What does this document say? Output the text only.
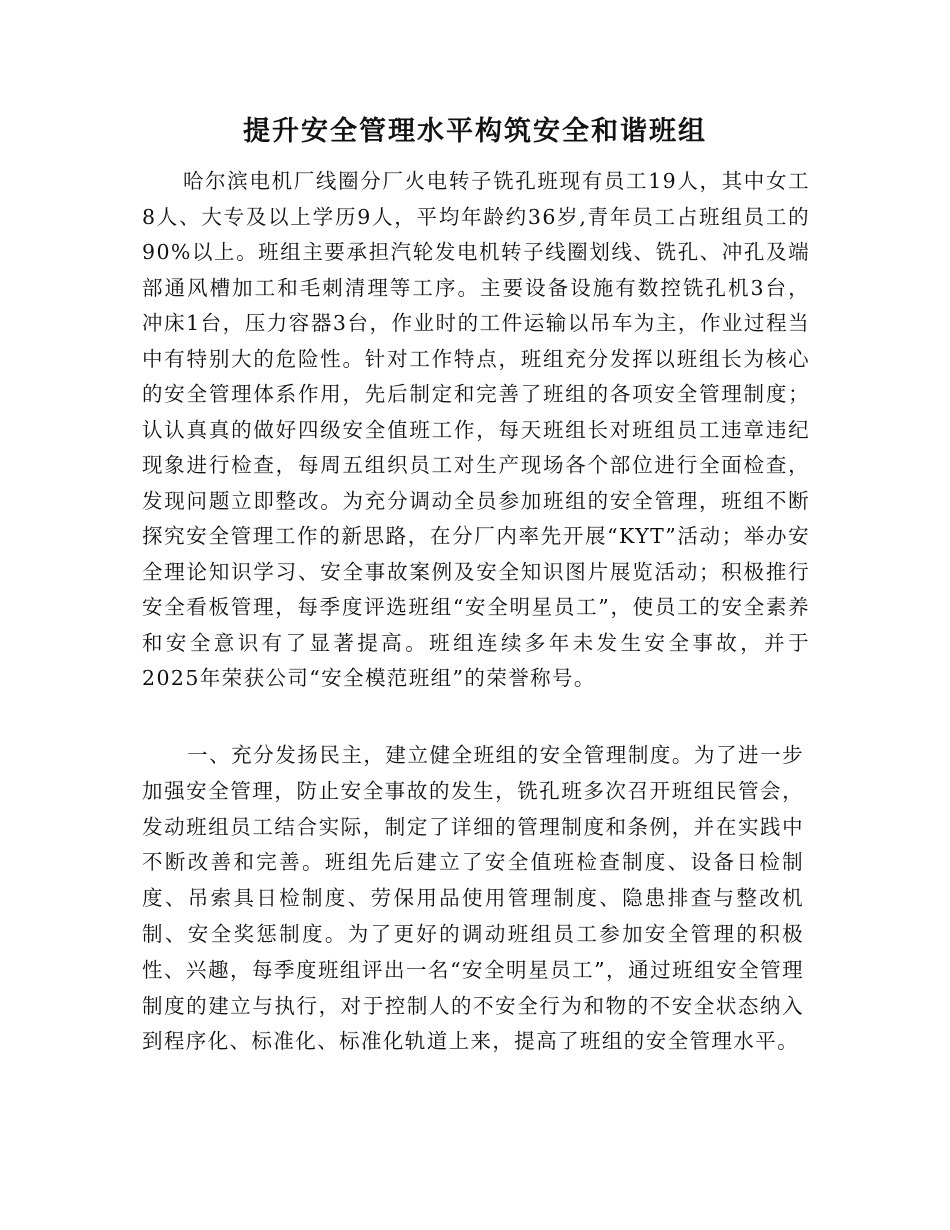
提升安全管理水平构筑安全和谐班组

哈尔滨电机厂线圈分厂火电转子铣孔班现有员工19人，其中女工8人、大专及以上学历9人，平均年龄约36岁,青年员工占班组员工的90%以上。班组主要承担汽轮发电机转子线圈划线、铣孔、冲孔及端部通风槽加工和毛刺清理等工序。主要设备设施有数控铣孔机3台，冲床1台，压力容器3台，作业时的工件运输以吊车为主，作业过程当中有特别大的危险性。针对工作特点，班组充分发挥以班组长为核心的安全管理体系作用，先后制定和完善了班组的各项安全管理制度；认认真真的做好四级安全值班工作，每天班组长对班组员工违章违纪现象进行检查，每周五组织员工对生产现场各个部位进行全面检查，发现问题立即整改。为充分调动全员参加班组的安全管理，班组不断探究安全管理工作的新思路，在分厂内率先开展“KYT”活动；举办安全理论知识学习、安全事故案例及安全知识图片展览活动；积极推行安全看板管理，每季度评选班组“安全明星员工”，使员工的安全素养和安全意识有了显著提高。班组连续多年未发生安全事故，并于2025年荣获公司“安全模范班组”的荣誉称号。

一、充分发扬民主，建立健全班组的安全管理制度。为了进一步加强安全管理，防止安全事故的发生，铣孔班多次召开班组民管会，发动班组员工结合实际，制定了详细的管理制度和条例，并在实践中不断改善和完善。班组先后建立了安全值班检查制度、设备日检制度、吊索具日检制度、劳保用品使用管理制度、隐患排查与整改机制、安全奖惩制度。为了更好的调动班组员工参加安全管理的积极性、兴趣，每季度班组评出一名“安全明星员工”，通过班组安全管理制度的建立与执行，对于控制人的不安全行为和物的不安全状态纳入到程序化、标准化、标准化轨道上来，提高了班组的安全管理水平。
